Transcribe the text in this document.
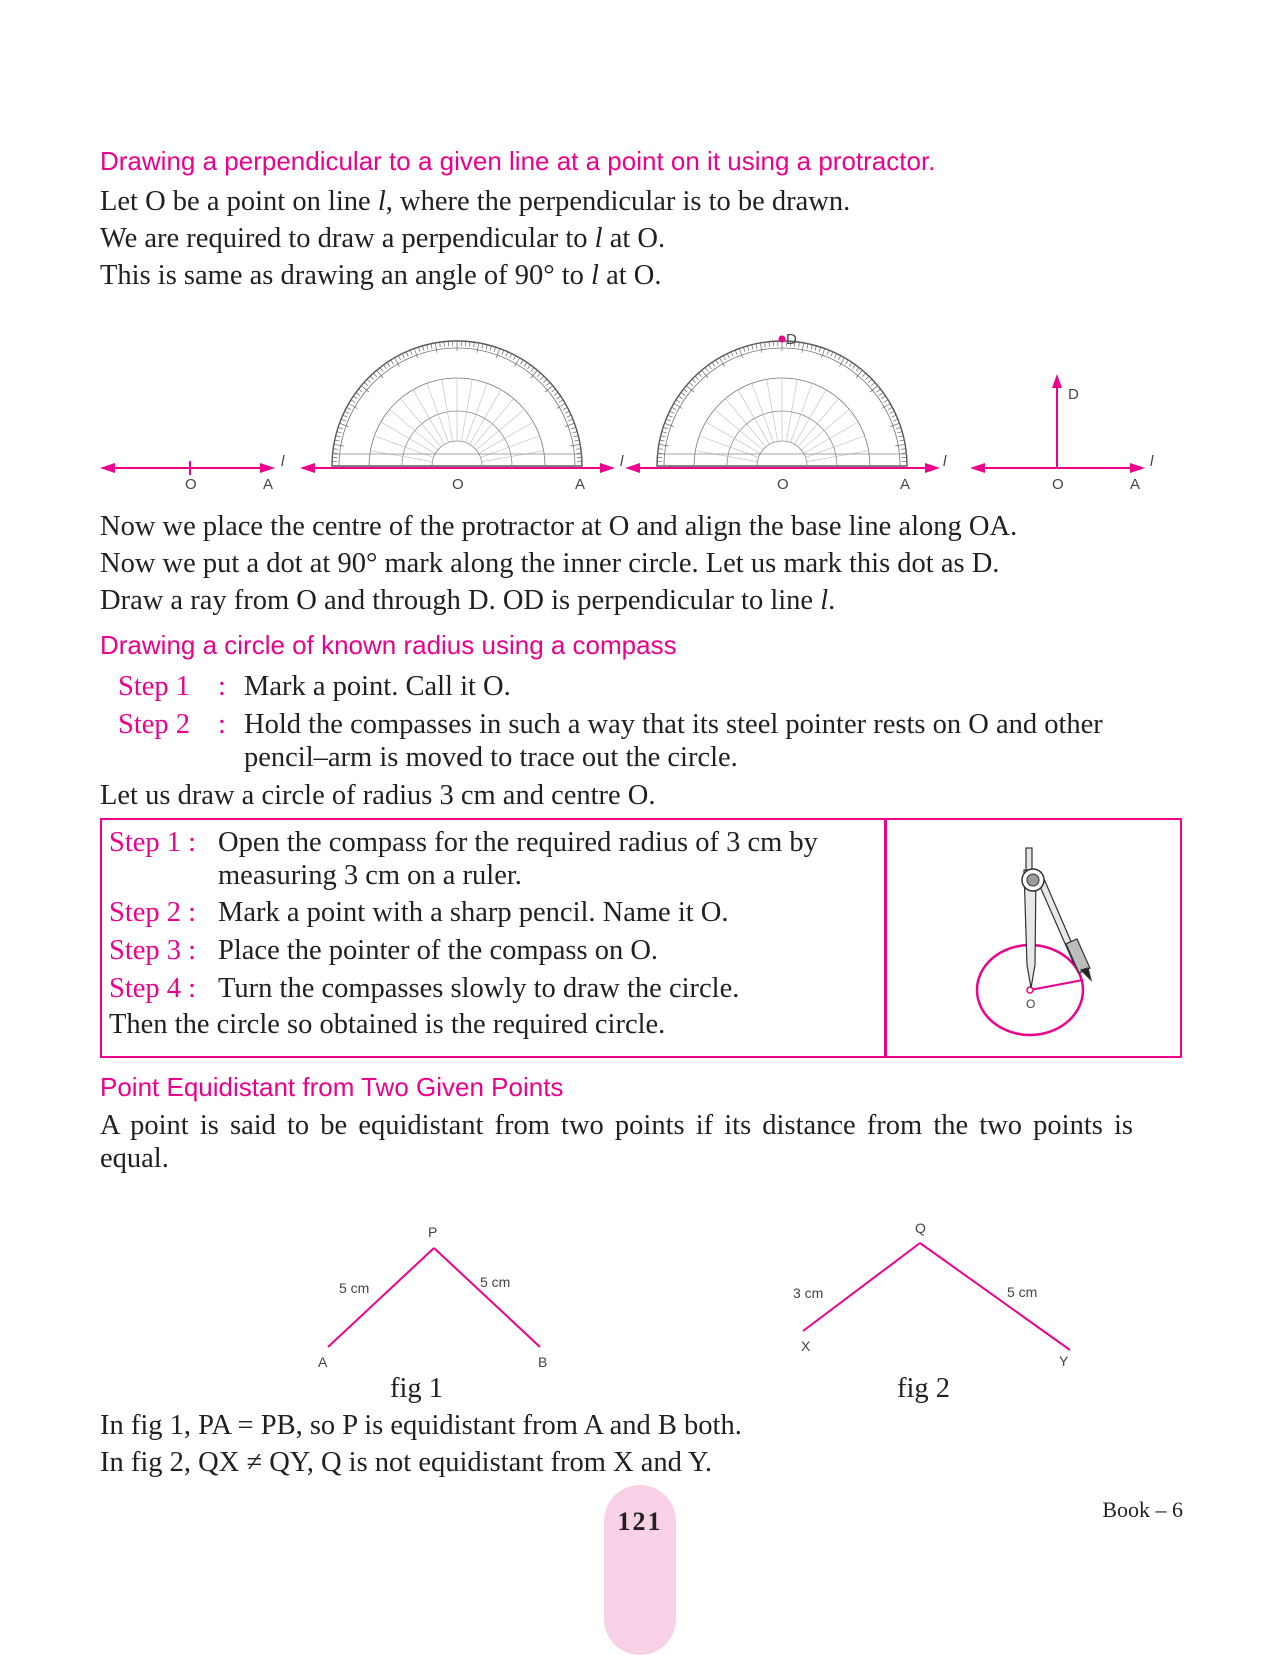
Drawing a perpendicular to a given line at a point on it using a protractor.
Let O be a point on line l, where the perpendicular is to be drawn.
We are required to draw a perpendicular to l at O.
This is same as drawing an angle of 90° to l at O.
O	A
l
O	A
l
D
O	A
l
D
O	A
l
Now we place the centre of the protractor at O and align the base line along OA.
Now we put a dot at 90° mark along the inner circle. Let us mark this dot as D.
Draw a ray from O and through D. OD is perpendicular to line l.
Drawing a circle of known radius using a compass
Step 1 : Mark a point. Call it O.
Step 2 : Hold the compasses in such a way that its steel pointer rests on O and other
pencil–arm is moved to trace out the circle.
Let us draw a circle of radius 3 cm and centre O.
Step 1 : Open the compass for the required radius of 3 cm by
measuring 3 cm on a ruler.
Step 2 : Mark a point with a sharp pencil. Name it O.
Step 3 : Place the pointer of the compass on O.
Step 4 : Turn the compasses slowly to draw the circle.
Then the circle so obtained is the required circle.
O
Point Equidistant from Two Given Points
A point is said to be equidistant from two points if its distance from the two points is
equal.
P
A	B
5 cm	5 cm
Q
X
Y
3 cm	5 cm
fig 1	fig 2
In fig 1, PA = PB, so P is equidistant from A and B both.
In fig 2, QX ≠ QY, Q is not equidistant from X and Y.
121	Book – 6
